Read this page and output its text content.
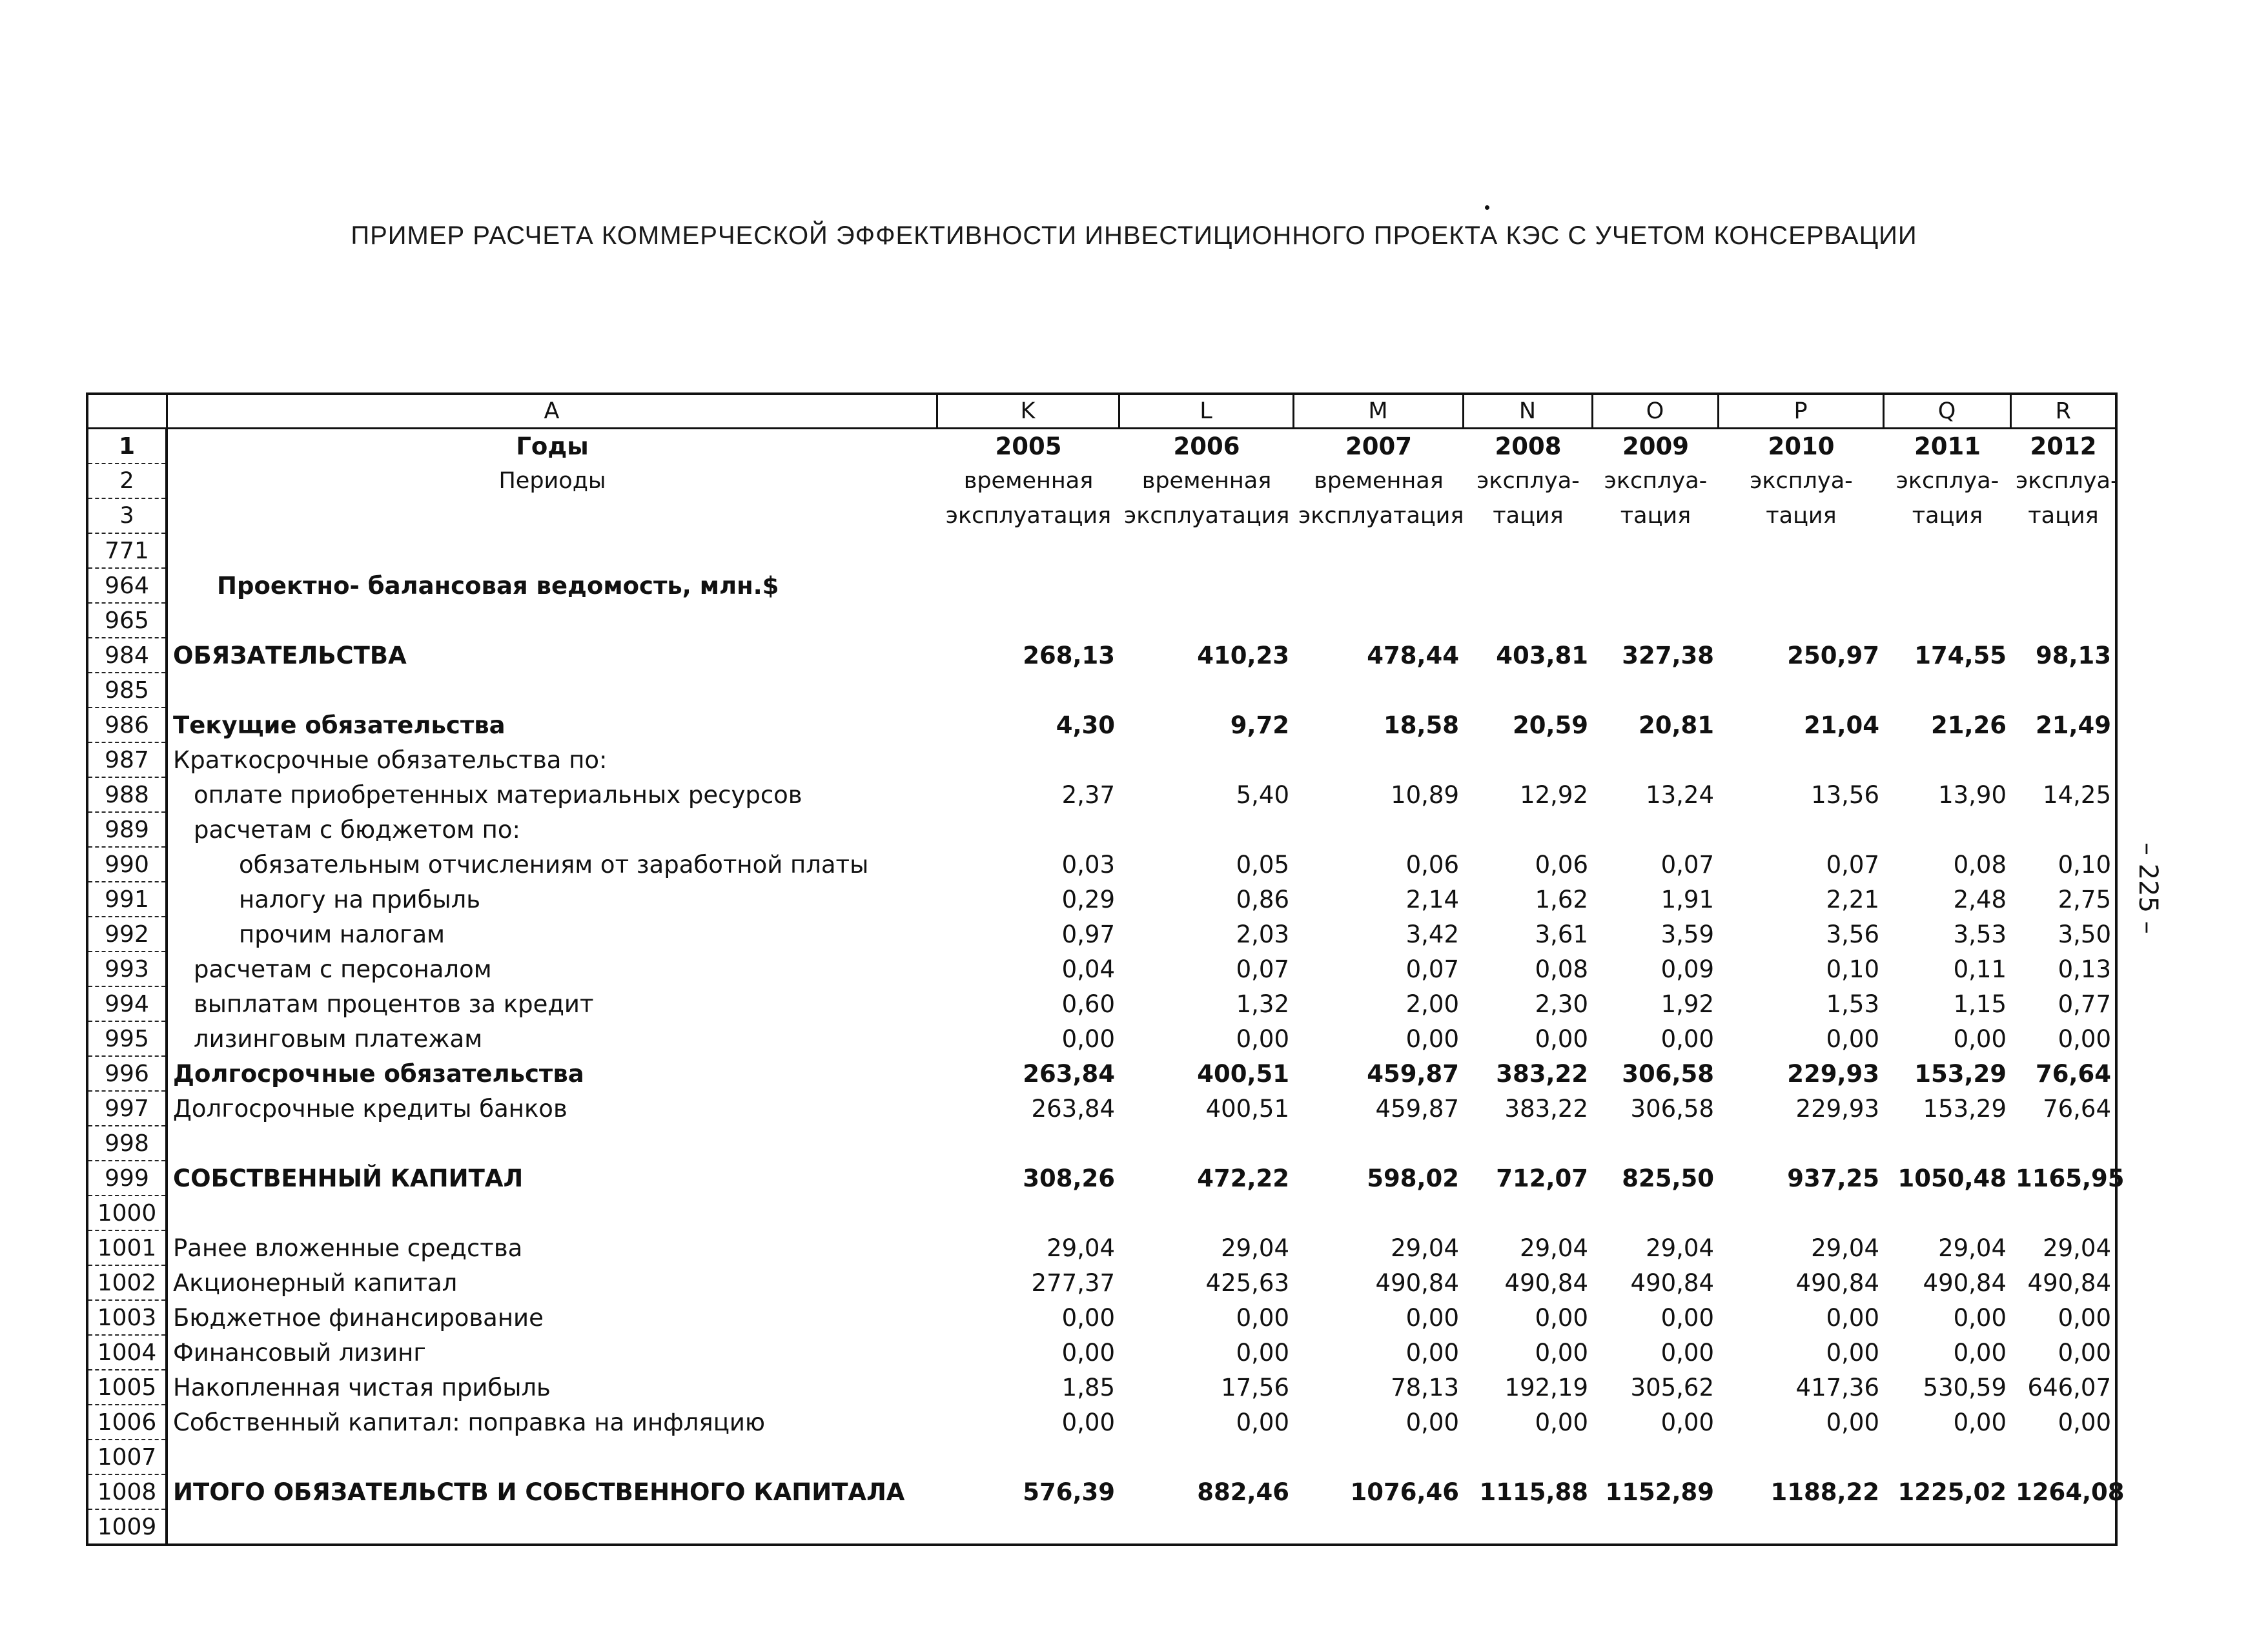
ПРИМЕР РАСЧЕТА КОММЕРЧЕСКОЙ ЭФФЕКТИВНОСТИ ИНВЕСТИЦИОННОГО ПРОЕКТА КЭС С УЧЕТОМ КОНСЕРВАЦИИ
	A	K	L	M	N	O	P	Q	R
1	Годы	2005	2006	2007	2008	2009	2010	2011	2012
2	Периоды	временная	временная	временная	эксплуа-	эксплуа-	эксплуа-	эксплуа-	эксплуа-
3		эксплуатация	эксплуатация	эксплуатация	тация	тация	тация	тация	тация
771									
964	Проектно- балансовая ведомость, млн.$								
965									
984	ОБЯЗАТЕЛЬСТВА	268,13	410,23	478,44	403,81	327,38	250,97	174,55	98,13
985									
986	Текущие обязательства	4,30	9,72	18,58	20,59	20,81	21,04	21,26	21,49
987	Краткосрочные обязательства по:								
988	оплате приобретенных материальных ресурсов	2,37	5,40	10,89	12,92	13,24	13,56	13,90	14,25
989	расчетам с бюджетом по:								
990	обязательным отчислениям от заработной платы	0,03	0,05	0,06	0,06	0,07	0,07	0,08	0,10
991	налогу на прибыль	0,29	0,86	2,14	1,62	1,91	2,21	2,48	2,75
992	прочим налогам	0,97	2,03	3,42	3,61	3,59	3,56	3,53	3,50
993	расчетам с персоналом	0,04	0,07	0,07	0,08	0,09	0,10	0,11	0,13
994	выплатам процентов за кредит	0,60	1,32	2,00	2,30	1,92	1,53	1,15	0,77
995	лизинговым платежам	0,00	0,00	0,00	0,00	0,00	0,00	0,00	0,00
996	Долгосрочные обязательства	263,84	400,51	459,87	383,22	306,58	229,93	153,29	76,64
997	Долгосрочные кредиты банков	263,84	400,51	459,87	383,22	306,58	229,93	153,29	76,64
998									
999	СОБСТВЕННЫЙ КАПИТАЛ	308,26	472,22	598,02	712,07	825,50	937,25	1050,48	1165,95
1000									
1001	Ранее вложенные средства	29,04	29,04	29,04	29,04	29,04	29,04	29,04	29,04
1002	Акционерный капитал	277,37	425,63	490,84	490,84	490,84	490,84	490,84	490,84
1003	Бюджетное финансирование	0,00	0,00	0,00	0,00	0,00	0,00	0,00	0,00
1004	Финансовый лизинг	0,00	0,00	0,00	0,00	0,00	0,00	0,00	0,00
1005	Накопленная чистая прибыль	1,85	17,56	78,13	192,19	305,62	417,36	530,59	646,07
1006	Собственный капитал: поправка на инфляцию	0,00	0,00	0,00	0,00	0,00	0,00	0,00	0,00
1007									
1008	ИТОГО ОБЯЗАТЕЛЬСТВ И СОБСТВЕННОГО КАПИТАЛА	576,39	882,46	1076,46	1115,88	1152,89	1188,22	1225,02	1264,08
1009									
– 225 –
